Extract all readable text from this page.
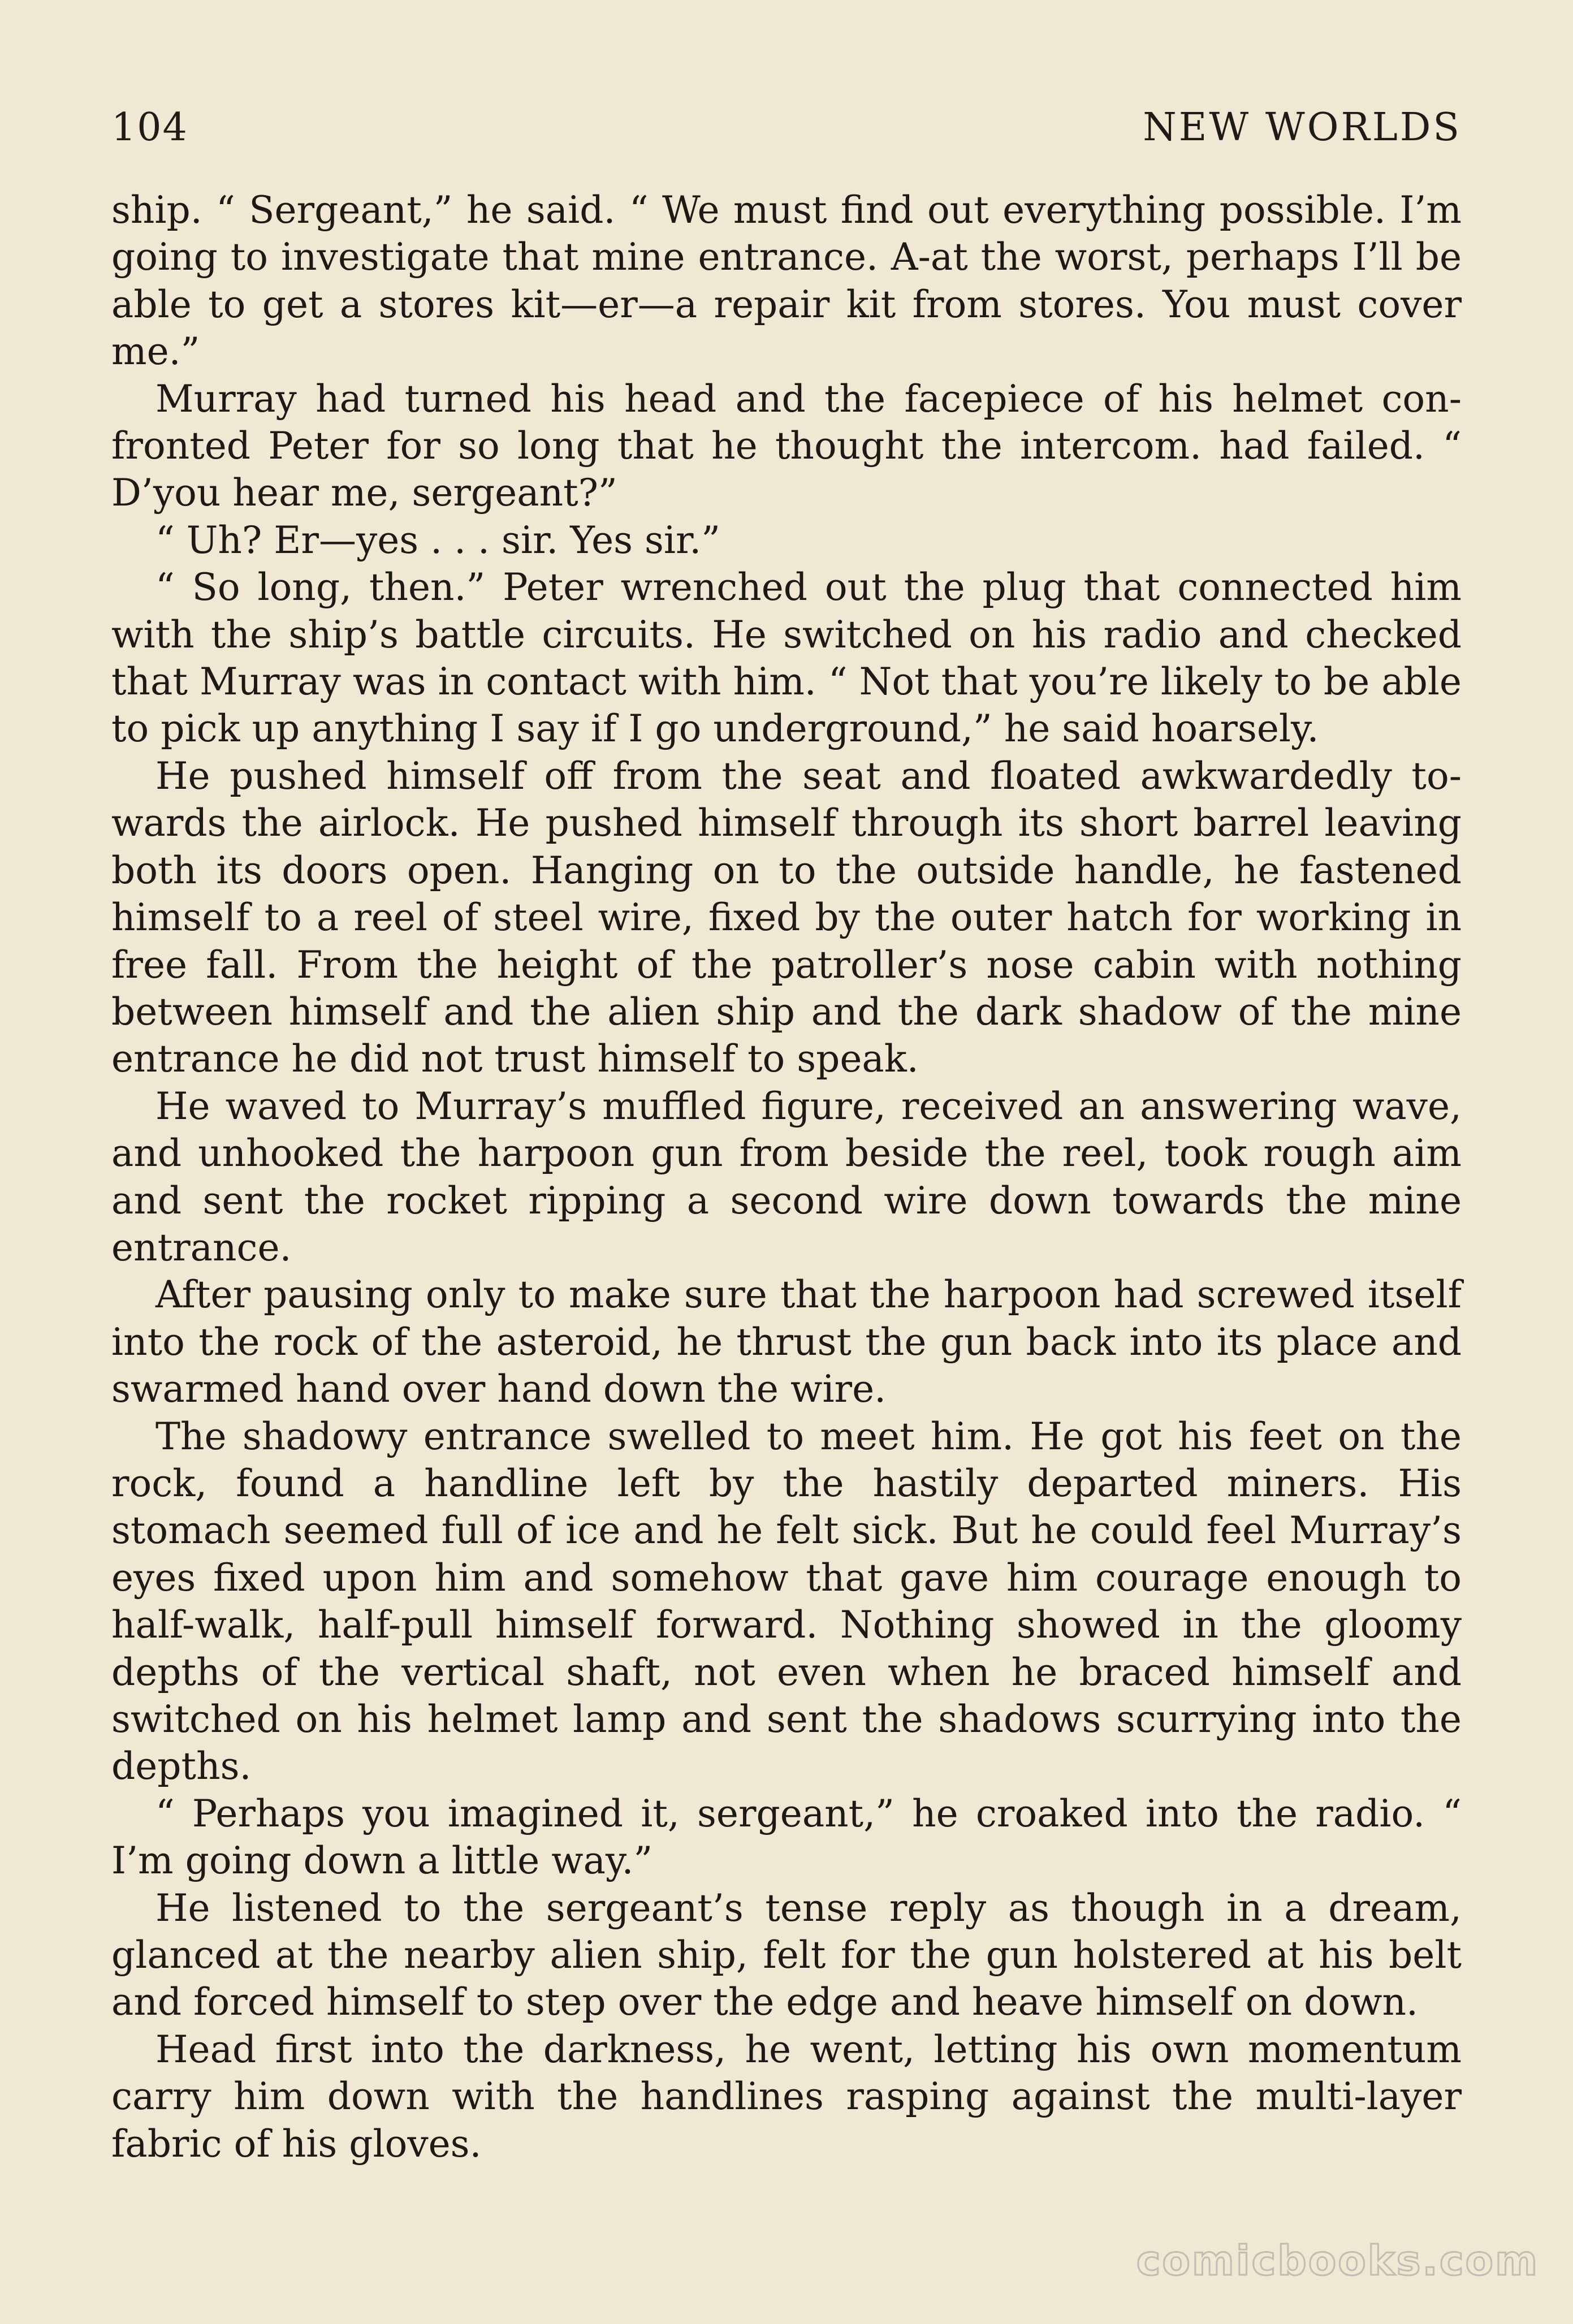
104	NEW WORLDS

ship. “ Sergeant,” he said. “ We must find out everything possible. I’m going to investigate that mine entrance. A-at the worst, perhaps I’ll be able to get a stores kit—er—a repair kit from stores. You must cover me.”

Murray had turned his head and the facepiece of his helmet confronted Peter for so long that he thought the intercom. had failed. “ D’you hear me, sergeant?”

“ Uh? Er—yes . . . sir. Yes sir.”

“ So long, then.” Peter wrenched out the plug that connected him with the ship’s battle circuits. He switched on his radio and checked that Murray was in contact with him. “ Not that you’re likely to be able to pick up anything I say if I go underground,” he said hoarsely.

He pushed himself off from the seat and floated awkwardedly towards the airlock. He pushed himself through its short barrel leaving both its doors open. Hanging on to the outside handle, he fastened himself to a reel of steel wire, fixed by the outer hatch for working in free fall. From the height of the patroller’s nose cabin with nothing between himself and the alien ship and the dark shadow of the mine entrance he did not trust himself to speak.

He waved to Murray’s muffled figure, received an answering wave, and unhooked the harpoon gun from beside the reel, took rough aim and sent the rocket ripping a second wire down towards the mine entrance.

After pausing only to make sure that the harpoon had screwed itself into the rock of the asteroid, he thrust the gun back into its place and swarmed hand over hand down the wire.

The shadowy entrance swelled to meet him. He got his feet on the rock, found a handline left by the hastily departed miners. His stomach seemed full of ice and he felt sick. But he could feel Murray’s eyes fixed upon him and somehow that gave him courage enough to half-walk, half-pull himself forward. Nothing showed in the gloomy depths of the vertical shaft, not even when he braced himself and switched on his helmet lamp and sent the shadows scurrying into the depths.

“ Perhaps you imagined it, sergeant,” he croaked into the radio. “ I’m going down a little way.”

He listened to the sergeant’s tense reply as though in a dream, glanced at the nearby alien ship, felt for the gun holstered at his belt and forced himself to step over the edge and heave himself on down.

Head first into the darkness, he went, letting his own momentum carry him down with the handlines rasping against the multi-layer fabric of his gloves.

comicbooks.com
